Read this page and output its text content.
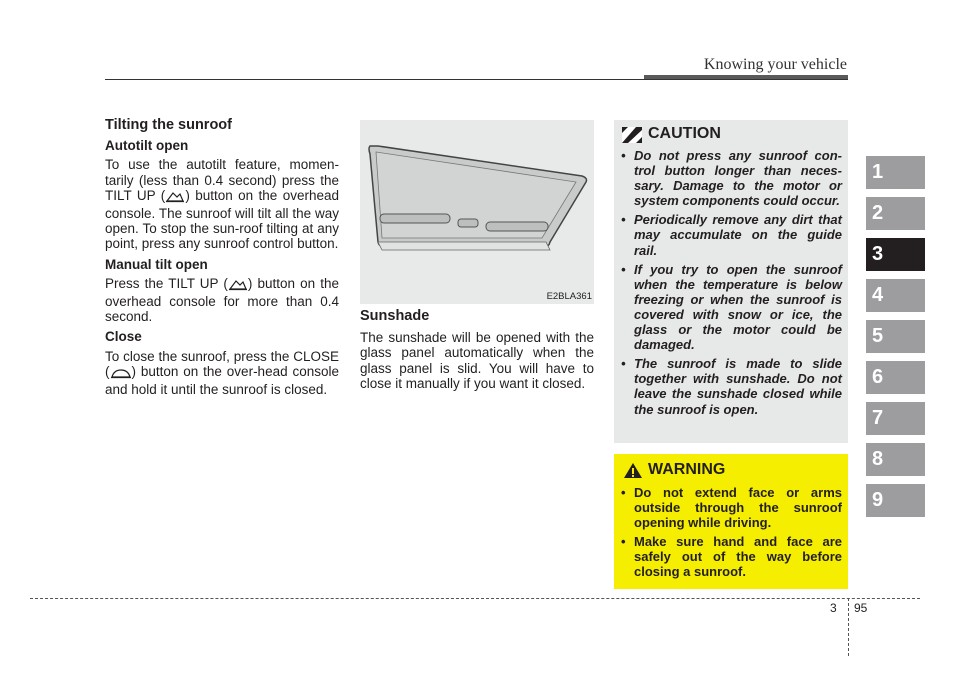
Knowing your vehicle
Tilting the sunroof
Autotilt open

To use the autotilt feature, momen-tarily (less than 0.4 second) press the TILT UP ( ) button on the overhead console. The sunroof will tilt all the way open. To stop the sun-roof tilting at any point, press any sunroof control button.

Manual tilt open

Press the TILT UP ( ) button on the overhead console for more than 0.4 second.

Close

To close the sunroof, press the CLOSE ( ) button on the over-head console and hold it until the sunroof is closed.

E2BLA361
Sunshade

The sunshade will be opened with the glass panel automatically when the glass panel is slid. You will have to close it manually if you want it closed.

CAUTION
• Do not press any sunroof con-trol button longer than neces-sary. Damage to the motor or system components could occur.
• Periodically remove any dirt that may accumulate on the guide rail.
• If you try to open the sunroof when the temperature is below freezing or when the sunroof is covered with snow or ice, the glass or the motor could be damaged.
• The sunroof is made to slide together with sunshade. Do not leave the sunshade closed while the sunroof is open.
WARNING
• Do not extend face or arms outside through the sunroof opening while driving.
• Make sure hand and face are safely out of the way before closing a sunroof.
1
2
3
4
5
6
7
8
9
3 95
